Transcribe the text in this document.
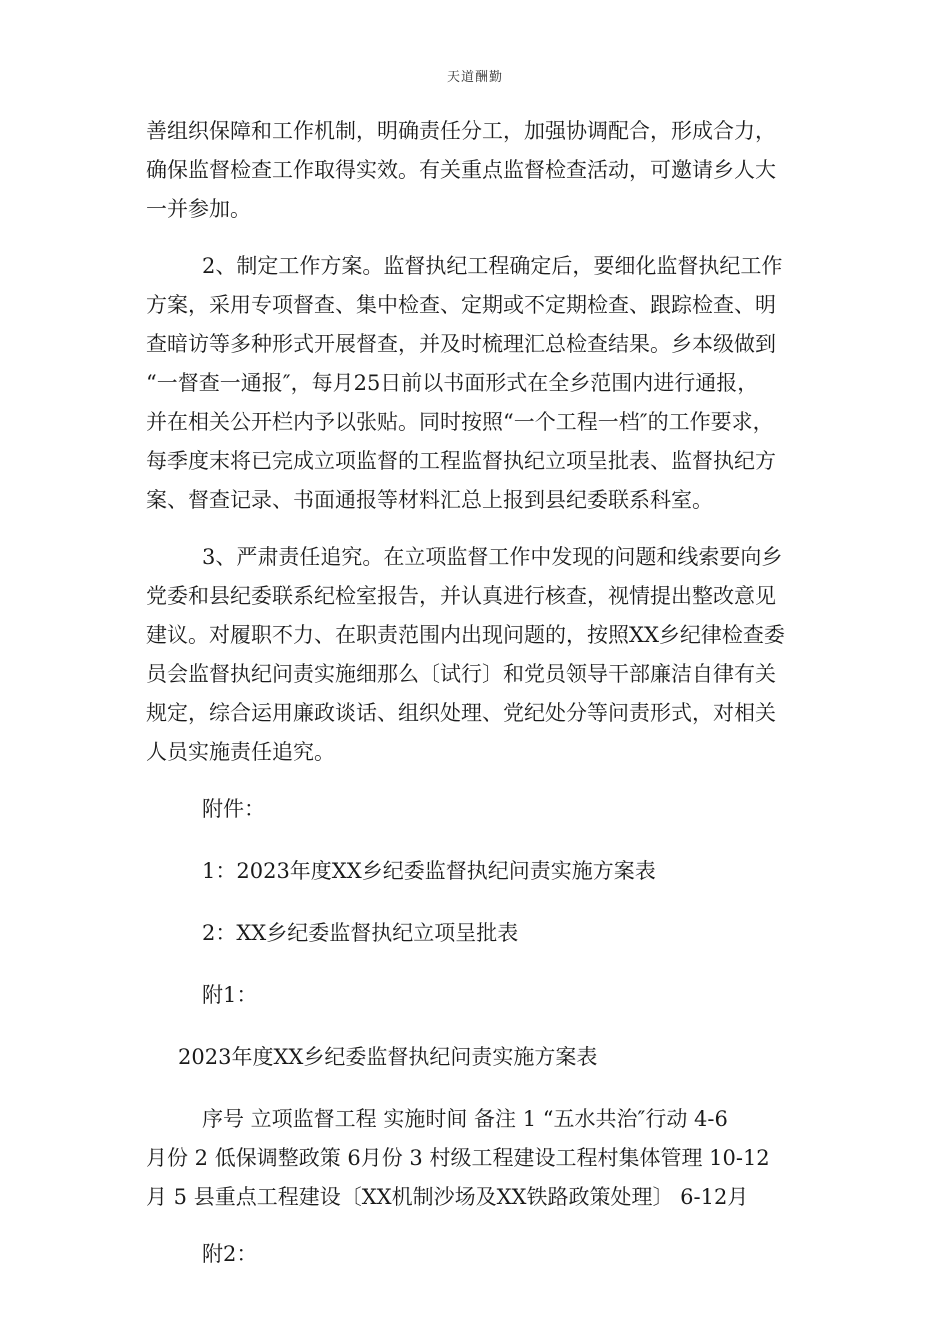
天道酬勤
善组织保障和工作机制，明确责任分工，加强协调配合，形成合力，
确保监督检查工作取得实效。有关重点监督检查活动，可邀请乡人大
一并参加。
2、制定工作方案。监督执纪工程确定后，要细化监督执纪工作
方案，采用专项督查、集中检查、定期或不定期检查、跟踪检查、明
查暗访等多种形式开展督查，并及时梳理汇总检查结果。乡本级做到
“一督查一通报″，每月25日前以书面形式在全乡范围内进行通报，
并在相关公开栏内予以张贴。同时按照“一个工程一档″的工作要求，
每季度末将已完成立项监督的工程监督执纪立项呈批表、监督执纪方
案、督查记录、书面通报等材料汇总上报到县纪委联系科室。
3、严肃责任追究。在立项监督工作中发现的问题和线索要向乡
党委和县纪委联系纪检室报告，并认真进行核查，视情提出整改意见
建议。对履职不力、在职责范围内出现问题的，按照XX乡纪律检查委
员会监督执纪问责实施细那么〔试行〕和党员领导干部廉洁自律有关
规定，综合运用廉政谈话、组织处理、党纪处分等问责形式，对相关
人员实施责任追究。
附件：
1：2023年度XX乡纪委监督执纪问责实施方案表
2：XX乡纪委监督执纪立项呈批表
附1：
2023年度XX乡纪委监督执纪问责实施方案表
序号 立项监督工程 实施时间 备注 1 “五水共治″行动 4-6
月份 2 低保调整政策 6月份 3 村级工程建设工程村集体管理 10-12
月 5 县重点工程建设〔XX机制沙场及XX铁路政策处理〕 6-12月
附2：
